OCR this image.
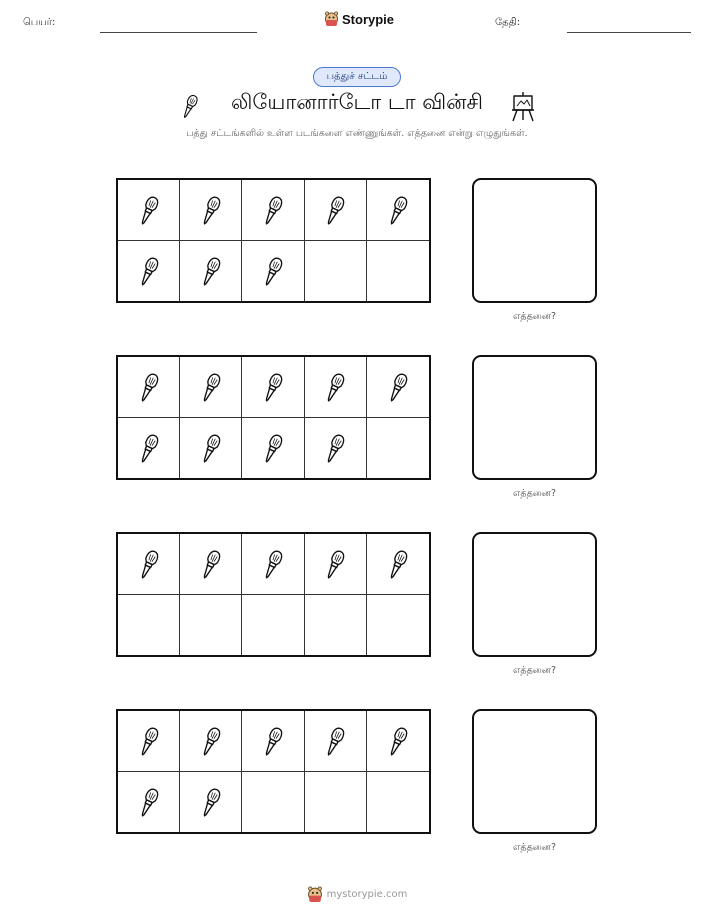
பெயர்:	Storypie	தேதி:
பத்துச் சட்டம்
லியோனார்டோ டா வின்சி
பத்து சட்டங்களில் உள்ள படங்களை எண்ணுங்கள். எத்தனை என்று எழுதுங்கள்.
எத்தனை?
எத்தனை?
எத்தனை?
எத்தனை?
mystorypie.com
